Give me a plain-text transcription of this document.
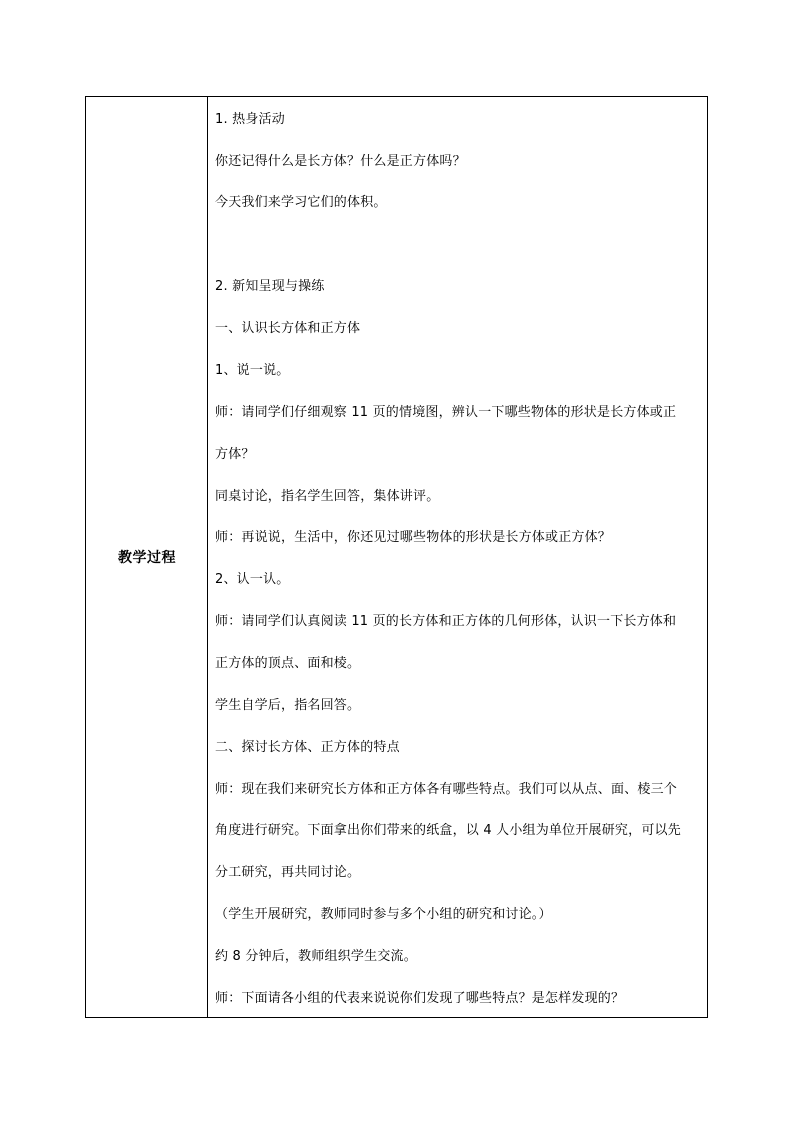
教学过程
1. 热身活动
你还记得什么是长方体？什么是正方体吗？
今天我们来学习它们的体积。
2. 新知呈现与操练
一、认识长方体和正方体
1、说一说。
师：请同学们仔细观察 11 页的情境图，辨认一下哪些物体的形状是长方体或正
方体？
同桌讨论，指名学生回答，集体讲评。
师：再说说，生活中，你还见过哪些物体的形状是长方体或正方体？
2、认一认。
师：请同学们认真阅读 11 页的长方体和正方体的几何形体，认识一下长方体和
正方体的顶点、面和棱。
学生自学后，指名回答。
二、探讨长方体、正方体的特点
师：现在我们来研究长方体和正方体各有哪些特点。我们可以从点、面、棱三个
角度进行研究。下面拿出你们带来的纸盒，以 4 人小组为单位开展研究，可以先
分工研究，再共同讨论。
（学生开展研究，教师同时参与多个小组的研究和讨论。）
约 8 分钟后，教师组织学生交流。
师：下面请各小组的代表来说说你们发现了哪些特点？是怎样发现的？
